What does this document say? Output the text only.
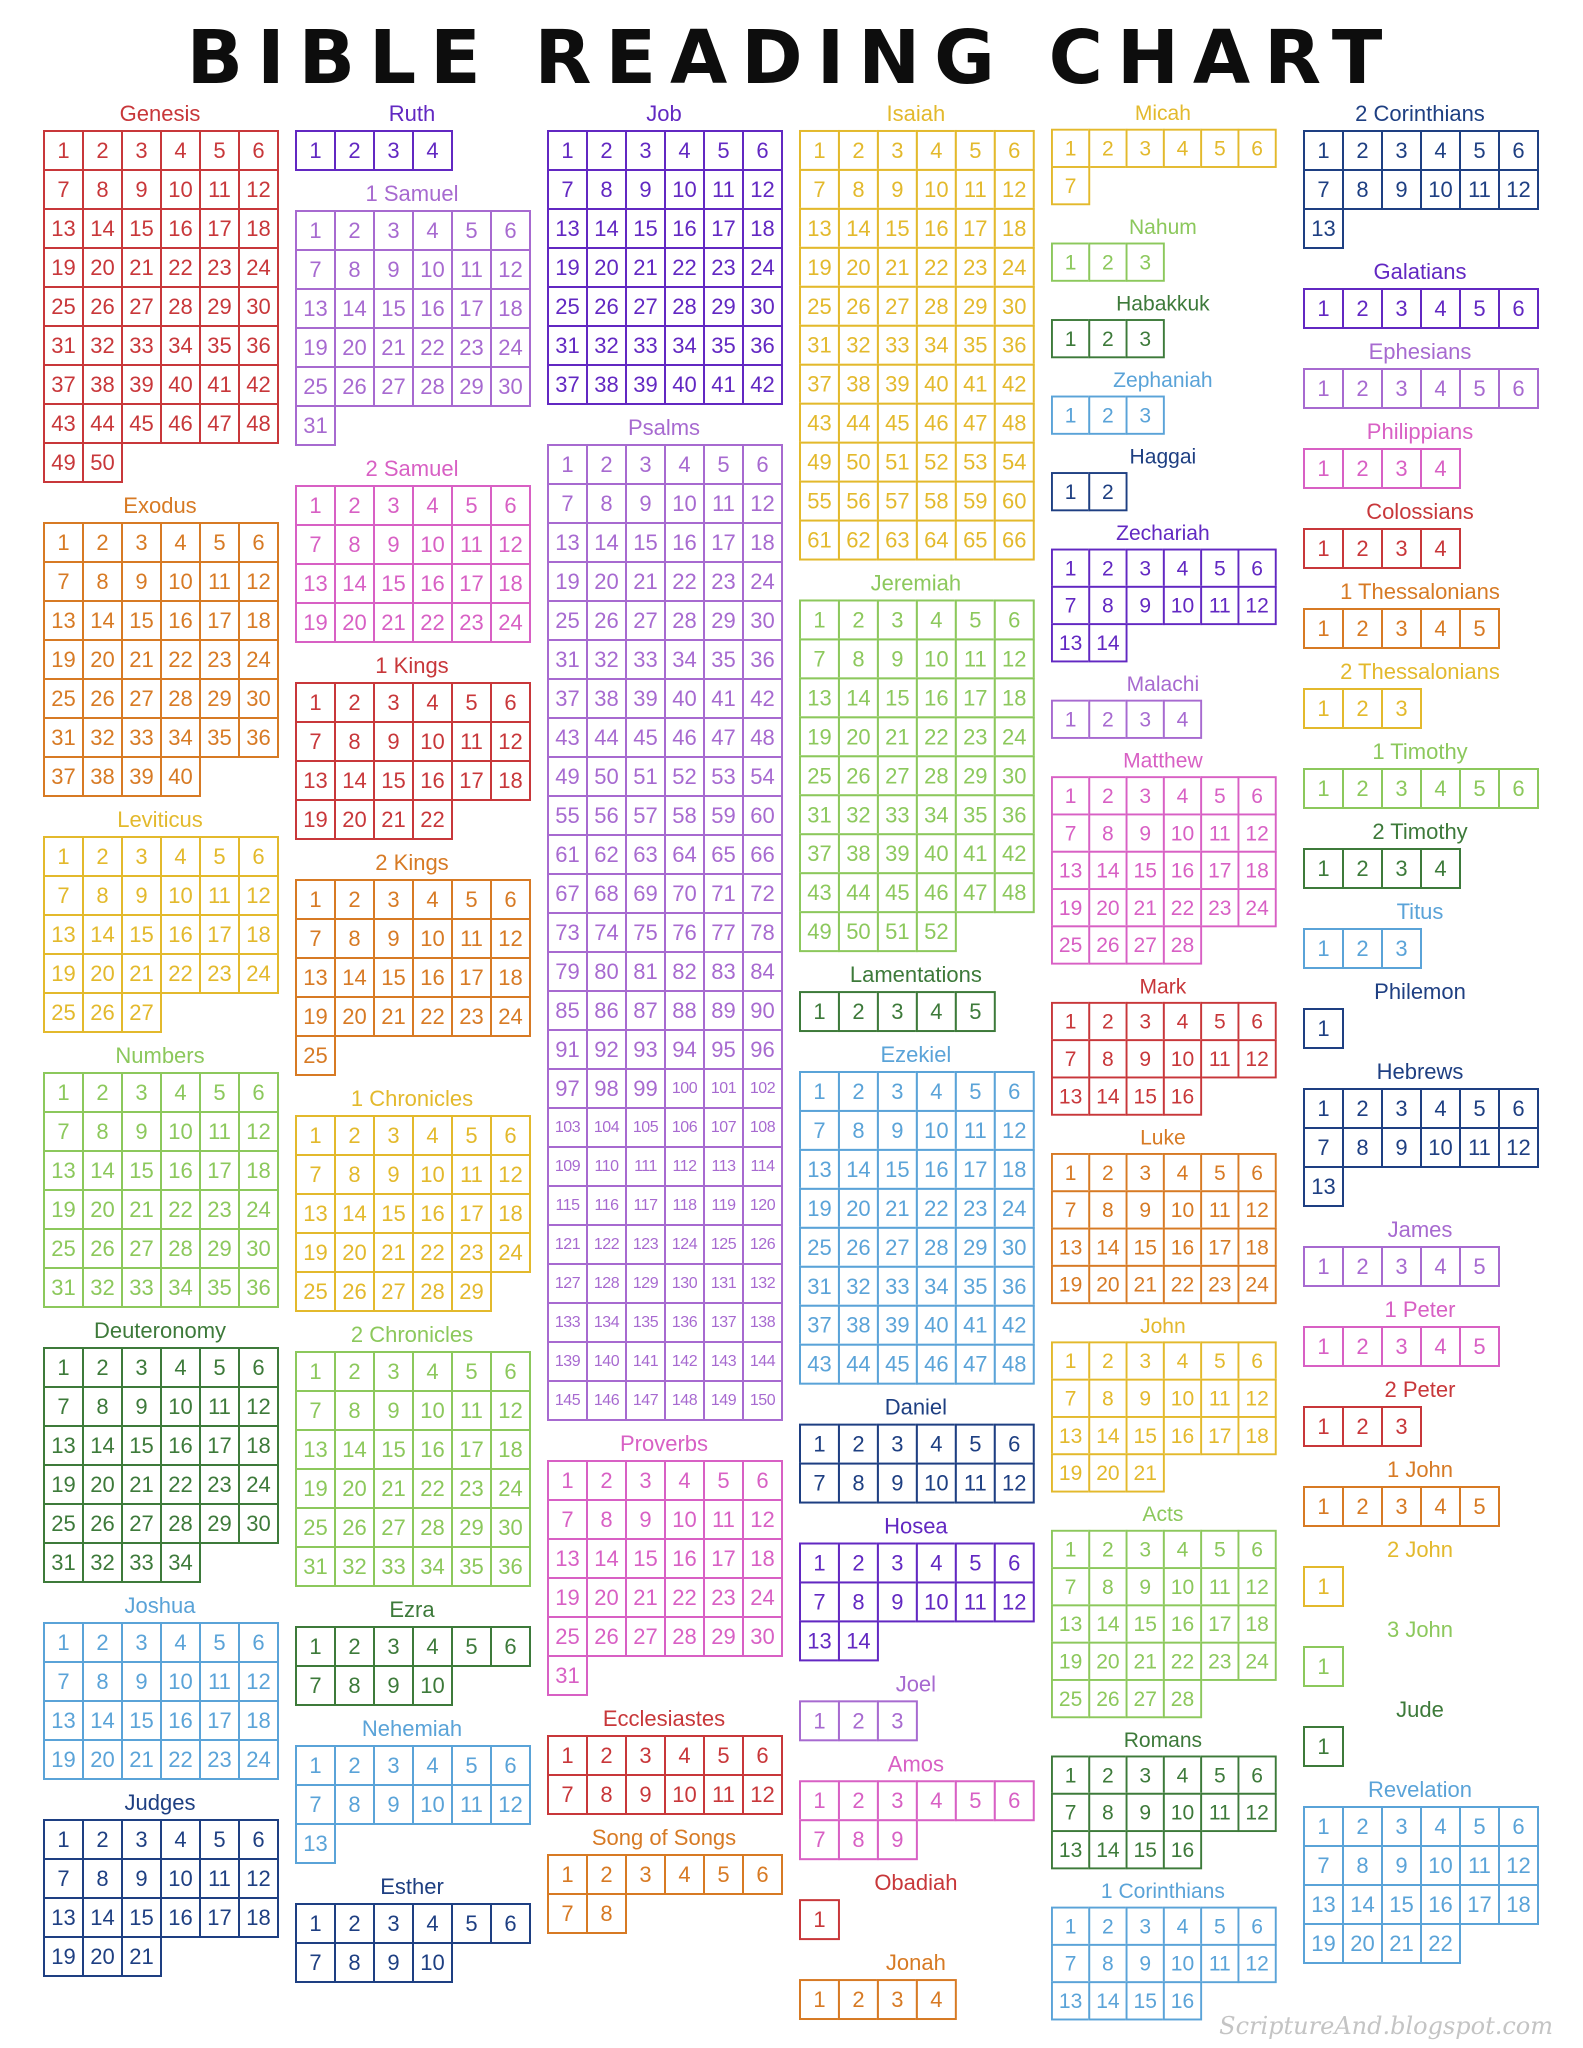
BIBLE READING CHART
Genesis
1	2	3	4	5	6
7	8	9 10 11 12
13 14 15 16 17 18
19 20 21 22 23 24
25 26 27 28 29 30
31 32 33 34 35 36
37 38 39 40 41 42
43 44 45 46 47 48
49 50
Exodus
1	2	3	4	5	6
7	8	9 10 11 12
13 14 15 16 17 18
19 20 21 22 23 24
25 26 27 28 29 30
31 32 33 34 35 36
37 38 39 40
Leviticus
1	2	3	4	5	6
7	8	9 10 11 12
13 14 15 16 17 18
19 20 21 22 23 24
25 26 27
Numbers
1	2	3	4	5	6
7	8	9 10 11 12
13 14 15 16 17 18
19 20 21 22 23 24
25 26 27 28 29 30
31 32 33 34 35 36
Deuteronomy
1	2	3	4	5	6
7	8	9 10 11 12
13 14 15 16 17 18
19 20 21 22 23 24
25 26 27 28 29 30
31 32 33 34
Joshua
1	2	3	4	5	6
7	8	9 10 11 12
13 14 15 16 17 18
19 20 21 22 23 24
Judges
1	2	3	4	5	6
7	8	9 10 11 12
13 14 15 16 17 18
19 20 21
Ruth
1	2	3	4
1 Samuel
1	2	3	4	5	6
7	8	9 10 11 12
13 14 15 16 17 18
19 20 21 22 23 24
25 26 27 28 29 30
31
2 Samuel
1	2	3	4	5	6
7	8	9 10 11 12
13 14 15 16 17 18
19 20 21 22 23 24
1 Kings
1	2	3	4	5	6
7	8	9 10 11 12
13 14 15 16 17 18
19 20 21 22
2 Kings
1	2	3	4	5	6
7	8	9 10 11 12
13 14 15 16 17 18
19 20 21 22 23 24
25
1 Chronicles
1	2	3	4	5	6
7	8	9 10 11 12
13 14 15 16 17 18
19 20 21 22 23 24
25 26 27 28 29
2 Chronicles
1	2	3	4	5	6
7	8	9 10 11 12
13 14 15 16 17 18
19 20 21 22 23 24
25 26 27 28 29 30
31 32 33 34 35 36
Ezra
1	2	3	4	5	6
7	8	9 10
Nehemiah
1	2	3	4	5	6
7	8	9 10 11 12
13
Esther
1	2	3	4	5	6
7	8	9 10
Job
1	2	3	4	5	6
7	8	9 10 11 12
13 14 15 16 17 18
19 20 21 22 23 24
25 26 27 28 29 30
31 32 33 34 35 36
37 38 39 40 41 42
Psalms
1	2	3	4	5	6
7	8	9 10 11 12
13 14 15 16 17 18
19 20 21 22 23 24
25 26 27 28 29 30
31 32 33 34 35 36
37 38 39 40 41 42
43 44 45 46 47 48
49 50 51 52 53 54
55 56 57 58 59 60
61 62 63 64 65 66
67 68 69 70 71 72
73 74 75 76 77 78
79 80 81 82 83 84
85 86 87 88 89 90
91 92 93 94 95 96
97 98 99 100 101 102
103 104 105 106 107 108
109 110 111 112 113 114
115 116 117 118 119 120
121 122 123 124 125 126
127 128 129 130 131 132
133 134 135 136 137 138
139 140 141 142 143 144
145 146 147 148 149 150
Proverbs
1	2	3	4	5	6
7	8	9 10 11 12
13 14 15 16 17 18
19 20 21 22 23 24
25 26 27 28 29 30
31
Ecclesiastes
1	2	3	4	5	6
7	8	9 10 11 12
Song of Songs
1	2	3	4	5	6
7	8
Isaiah
1	2	3	4	5	6
7	8	9 10 11 12
13 14 15 16 17 18
19 20 21 22 23 24
25 26 27 28 29 30
31 32 33 34 35 36
37 38 39 40 41 42
43 44 45 46 47 48
49 50 51 52 53 54
55 56 57 58 59 60
61 62 63 64 65 66
Jeremiah
1	2	3	4	5	6
7	8	9 10 11 12
13 14 15 16 17 18
19 20 21 22 23 24
25 26 27 28 29 30
31 32 33 34 35 36
37 38 39 40 41 42
43 44 45 46 47 48
49 50 51 52
Lamentations
1	2	3	4	5
Ezekiel
1	2	3	4	5	6
7	8	9 10 11 12
13 14 15 16 17 18
19 20 21 22 23 24
25 26 27 28 29 30
31 32 33 34 35 36
37 38 39 40 41 42
43 44 45 46 47 48
Daniel
1	2	3	4	5	6
7	8	9 10 11 12
Hosea
1	2	3	4	5	6
7	8	9 10 11 12
13 14
Joel
1	2	3
Amos
1	2	3	4	5	6
7	8	9
Obadiah
1
Jonah
1	2	3	4
Micah
1	2	3	4	5	6
7
Nahum
1	2	3
Habakkuk
1	2	3
Zephaniah
1	2	3
Haggai
1	2
Zechariah
1	2	3	4	5	6
7	8	9 10 11 12
13 14
Malachi
1	2	3	4
Matthew
1	2	3	4	5	6
7	8	9 10 11 12
13 14 15 16 17 18
19 20 21 22 23 24
25 26 27 28
Mark
1	2	3	4	5	6
7	8	9 10 11 12
13 14 15 16
Luke
1	2	3	4	5	6
7	8	9 10 11 12
13 14 15 16 17 18
19 20 21 22 23 24
John
1	2	3	4	5	6
7	8	9 10 11 12
13 14 15 16 17 18
19 20 21
Acts
1	2	3	4	5	6
7	8	9 10 11 12
13 14 15 16 17 18
19 20 21 22 23 24
25 26 27 28
Romans
1	2	3	4	5	6
7	8	9 10 11 12
13 14 15 16
1 Corinthians
1	2	3	4	5	6
7	8	9 10 11 12
13 14 15 16
2 Corinthians
1	2	3	4	5	6
7	8	9 10 11 12
13
Galatians
1	2	3	4	5	6
Ephesians
1	2	3	4	5	6
Philippians
1	2	3	4
Colossians
1	2	3	4
1 Thessalonians
1	2	3	4	5
2 Thessalonians
1	2	3
1 Timothy
1	2	3	4	5	6
2 Timothy
1	2	3	4
Titus
1	2	3
Philemon
1
Hebrews
1	2	3	4	5	6
7	8	9 10 11 12
13
James
1	2	3	4	5
1 Peter
1	2	3	4	5
2 Peter
1	2	3
1 John
1	2	3	4	5
2 John
1
3 John
1
Jude
1
Revelation
1	2	3	4	5	6
7	8	9 10 11 12
13 14 15 16 17 18
19 20 21 22
ScriptureAnd.blogspot.com
